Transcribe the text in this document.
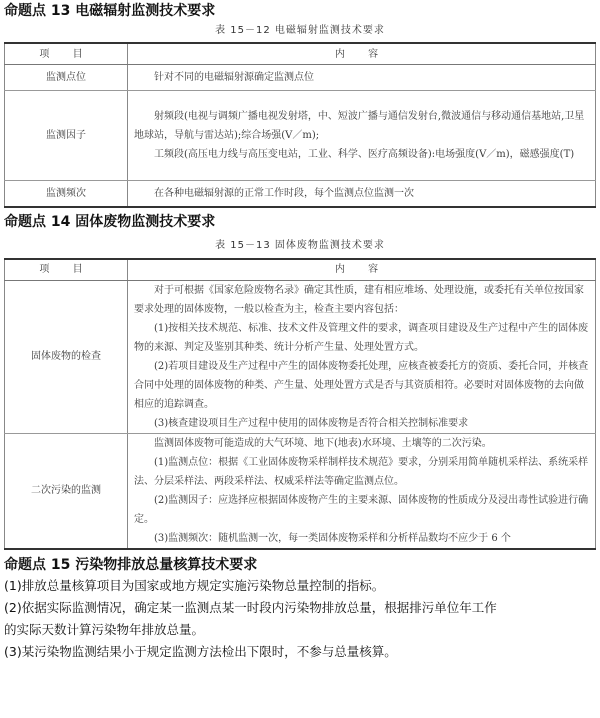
命题点 13 电磁辐射监测技术要求
表 15－12 电磁辐射监测技术要求
项 目	内 容
监测点位	针对不同的电磁辐射源确定监测点位

监测因子	射频段(电视与调频广播电视发射塔，中、短波广播与通信发射台,微波通信与移动通信基地站,卫星地球站，导航与雷达站);综合场强(V／m);

工频段(高压电力线与高压变电站，工业、科学、医疗高频设备):电场强度(V／m)，磁感强度(T)

监测频次	在各种电磁辐射源的正常工作时段，每个监测点位监测一次

命题点 14 固体废物监测技术要求
表 15－13 固体废物监测技术要求
项 目	内 容
固体废物的检查	对于可根据《国家危险废物名录》确定其性质，建有相应堆场、处理设施，或委托有关单位按国家要求处理的固体废物，一般以检查为主，检查主要内容包括：

(1)按相关技术规范、标准、技术文件及管理文件的要求，调查项目建设及生产过程中产生的固体废物的来源、判定及鉴别其种类、统计分析产生量、处理处置方式。

(2)若项目建设及生产过程中产生的固体废物委托处理，应核查被委托方的资质、委托合同，并核查合同中处理的固体废物的种类、产生量、处理处置方式是否与其资质相符。必要时对固体废物的去向做相应的追踪调查。

(3)核查建设项目生产过程中使用的固体废物是否符合相关控制标准要求

二次污染的监测	监测固体废物可能造成的大气环境、地下(地表)水环境、土壤等的二次污染。

(1)监测点位：根据《工业固体废物采样制样技术规范》要求，分别采用简单随机采样法、系统采样法、分层采样法、两段采样法、权威采样法等确定监测点位。

(2)监测因子：应选择应根据固体废物产生的主要来源、固体废物的性质成分及浸出毒性试验进行确定。

(3)监测频次：随机监测一次，每一类固体废物采样和分析样品数均不应少于 6 个

命题点 15 污染物排放总量核算技术要求
(1)排放总量核算项目为国家或地方规定实施污染物总量控制的指标。
(2)依据实际监测情况，确定某一监测点某一时段内污染物排放总量，根据排污单位年工作
的实际天数计算污染物年排放总量。
(3)某污染物监测结果小于规定监测方法检出下限时，不参与总量核算。
